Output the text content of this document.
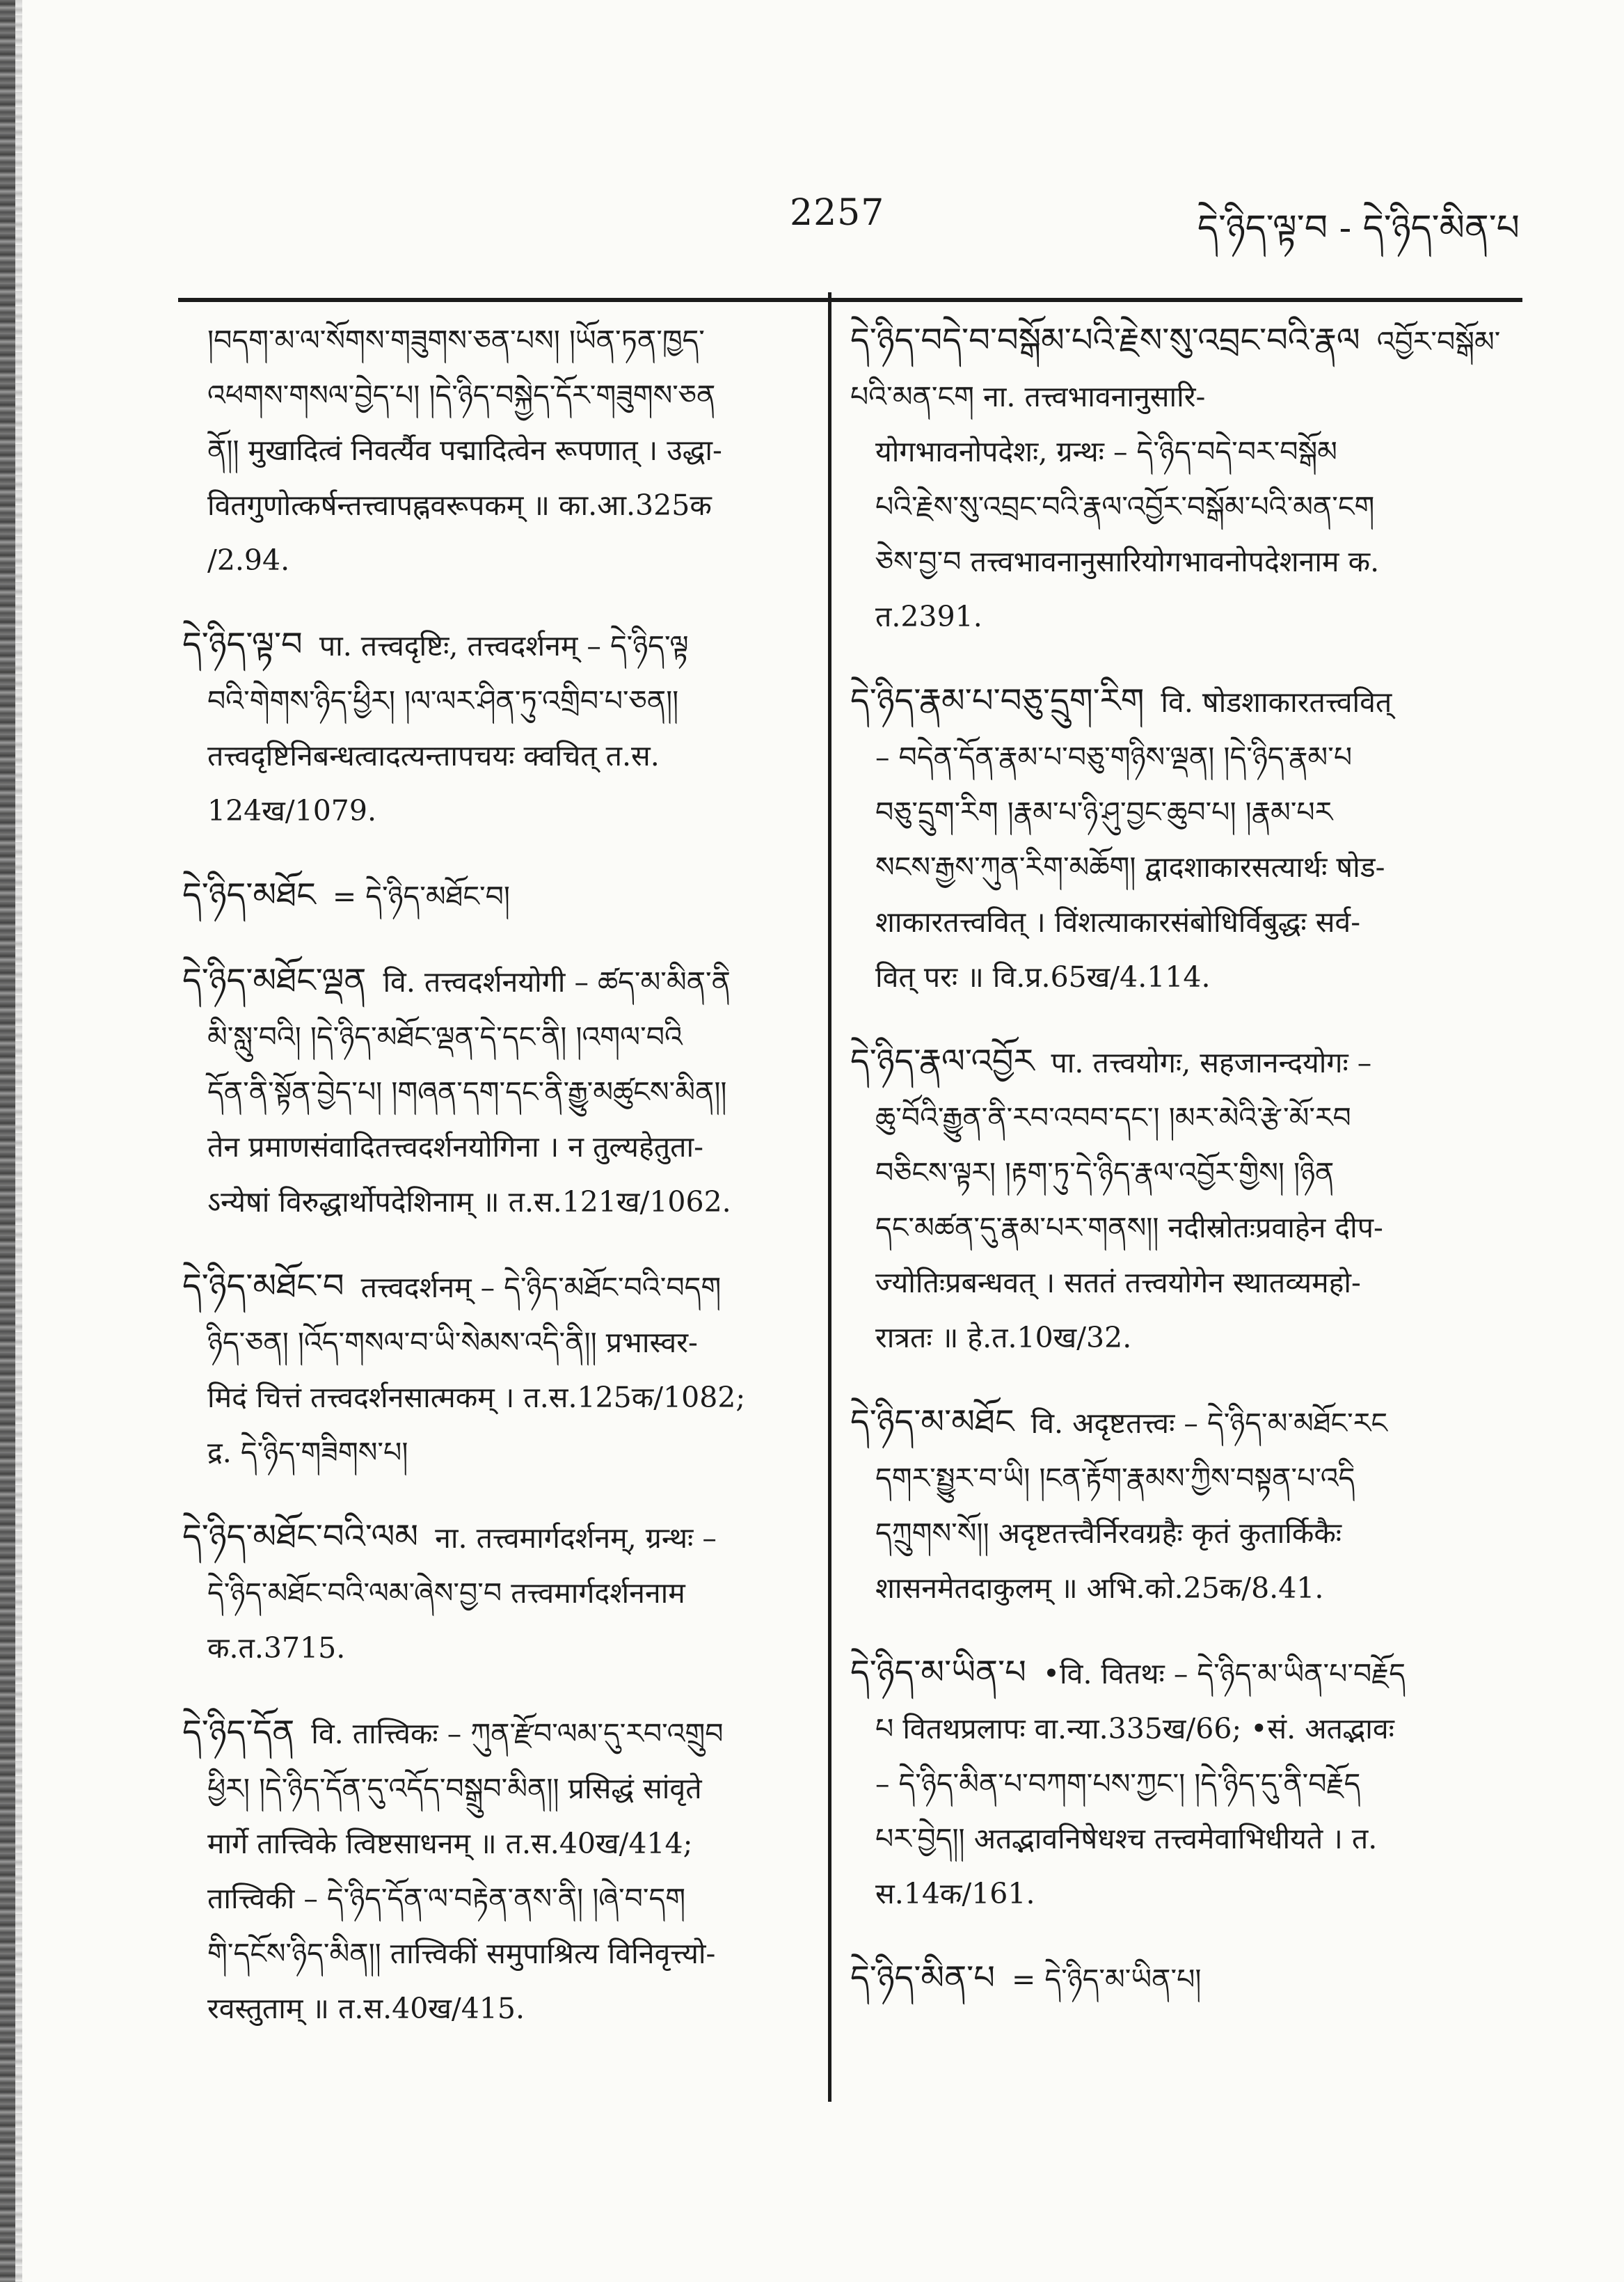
2257	དེ་ཉིད་ལྟ་བ - དེ་ཉིད་མིན་པ

།བདག་མ་ལ་སོགས་གཟུགས་ཅན་པས། །ཡོན་ཏན་ཁྱད་

འཕགས་གསལ་བྱེད་པ། །དེ་ཉིད་བསྐྱེད་དོར་གཟུགས་ཅན

ནོ།། मुखादित्वं निवर्त्यैव पद्मादित्वेन रूपणात् । उद्धा-

वितगुणोत्कर्षन्तत्त्वापह्नवरूपकम् ॥ का.आ.325क

/2.94.

དེ་ཉིད་ལྟ་བ पा. तत्त्वदृष्टिः, तत्त्वदर्शनम् – དེ་ཉིད་ལྟ

བའི་གེགས་ཉིད་ཕྱིར། །ལ་ལར་ཤིན་ཏུ་འགྲིབ་པ་ཅན།།

तत्त्वदृष्टिनिबन्धत्वादत्यन्तापचयः क्वचित् त.स.

124ख/1079.

དེ་ཉིད་མཐོང = དེ་ཉིད་མཐོང་བ།

དེ་ཉིད་མཐོང་ལྡན वि. तत्त्वदर्शनयोगी – ཚད་མ་མིན་ནི

མི་སླུ་བའི། །དེ་ཉིད་མཐོང་ལྡན་དེ་དང་ནི། །འགལ་བའི

དོན་ནི་སྟོན་བྱེད་པ། །གཞན་དག་དང་ནི་རྒྱུ་མཚུངས་མིན།།

तेन प्रमाणसंवादितत्त्वदर्शनयोगिना । न तुल्यहेतुता-

ऽन्येषां विरुद्धार्थोपदेशिनाम् ॥ त.स.121ख/1062.

དེ་ཉིད་མཐོང་བ तत्त्वदर्शनम् – དེ་ཉིད་མཐོང་བའི་བདག

ཉིད་ཅན། །འོད་གསལ་བ་ཡི་སེམས་འདི་ནི།། प्रभास्वर-

मिदं चित्तं तत्त्वदर्शनसात्मकम् । त.स.125क/1082;

द्र. དེ་ཉིད་གཟིགས་པ།

དེ་ཉིད་མཐོང་བའི་ལམ ना. तत्त्वमार्गदर्शनम्, ग्रन्थः –

དེ་ཉིད་མཐོང་བའི་ལམ་ཞེས་བྱ་བ तत्त्वमार्गदर्शननाम

क.त.3715.

དེ་ཉིད་དོན वि. तात्त्विकः – ཀུན་རྫོབ་ལམ་དུ་རབ་འགྲུབ

ཕྱིར། །དེ་ཉིད་དོན་དུ་འདོད་བསྒྲུབ་མིན།། प्रसिद्धं सांवृते

मार्गे तात्त्विके त्विष्टसाधनम् ॥ त.स.40ख/414;

तात्त्विकी – དེ་ཉིད་དོན་ལ་བརྟེན་ནས་ནི། །ཞེ་བ་དག

གི་དངོས་ཉིད་མིན།། तात्त्विकीं समुपाश्रित्य विनिवृत्त्यो-

रवस्तुताम् ॥ त.स.40ख/415.

དེ་ཉིད་བདེ་བ་བསྒོམ་པའི་རྗེས་སུ་འབྲང་བའི་རྣལ འབྱོར་བསྒོམ་པའི་མན་ངག ना. तत्त्वभावनानुसारि-

योगभावनोपदेशः, ग्रन्थः – དེ་ཉིད་བདེ་བར་བསྒོམ

པའི་རྗེས་སུ་འབྲང་བའི་རྣལ་འབྱོར་བསྒོམ་པའི་མན་ངག

ཅེས་བྱ་བ तत्त्वभावनानुसारियोगभावनोपदेशनाम क.

त.2391.

དེ་ཉིད་རྣམ་པ་བཅུ་དྲུག་རིག वि. षोडशाकारतत्त्ववित्

– བདེན་དོན་རྣམ་པ་བཅུ་གཉིས་ལྡན། །དེ་ཉིད་རྣམ་པ

བཅུ་དྲུག་རིག །རྣམ་པ་ཉི་ཤུ་བྱང་ཆུབ་པ། །རྣམ་པར

སངས་རྒྱས་ཀུན་རིག་མཆོག། द्वादशाकारसत्यार्थः षोड-

शाकारतत्त्ववित् । विंशत्याकारसंबोधिर्विबुद्धः सर्व-

वित् परः ॥ वि.प्र.65ख/4.114.

དེ་ཉིད་རྣལ་འབྱོར पा. तत्त्वयोगः, सहजानन्दयोगः –

ཆུ་བོའི་རྒྱུན་ནི་རབ་འབབ་དང་། །མར་མེའི་རྩེ་མོ་རབ

བཅིངས་ལྟར། །རྟག་ཏུ་དེ་ཉིད་རྣལ་འབྱོར་གྱིས། །ཉིན

དང་མཚན་དུ་རྣམ་པར་གནས།། नदीस्रोतःप्रवाहेन दीप-

ज्योतिःप्रबन्धवत् । सततं तत्त्वयोगेन स्थातव्यमहो-

रात्रतः ॥ हे.त.10ख/32.

དེ་ཉིད་མ་མཐོང वि. अदृष्टतत्त्वः – དེ་ཉིད་མ་མཐོང་རང

དགར་སྤྱུར་བ་ཡི། །ངན་རྟོག་རྣམས་ཀྱིས་བསྟན་པ་འདི

དཀྲུགས་སོ།། अदृष्टतत्त्वैर्निरवग्रहैः कृतं कुतार्किकैः

शासनमेतदाकुलम् ॥ अभि.को.25क/8.41.

དེ་ཉིད་མ་ཡིན་པ •वि. वितथः – དེ་ཉིད་མ་ཡིན་པ་བརྗོད

པ वितथप्रलापः वा.न्या.335ख/66; •सं. अतद्भावः

– དེ་ཉིད་མིན་པ་བཀག་པས་ཀྱང་། །དེ་ཉིད་དུ་ནི་བརྗོད

པར་བྱེད།། अतद्भावनिषेधश्च तत्त्वमेवाभिधीयते । त.

स.14क/161.

དེ་ཉིད་མིན་པ = དེ་ཉིད་མ་ཡིན་པ།
